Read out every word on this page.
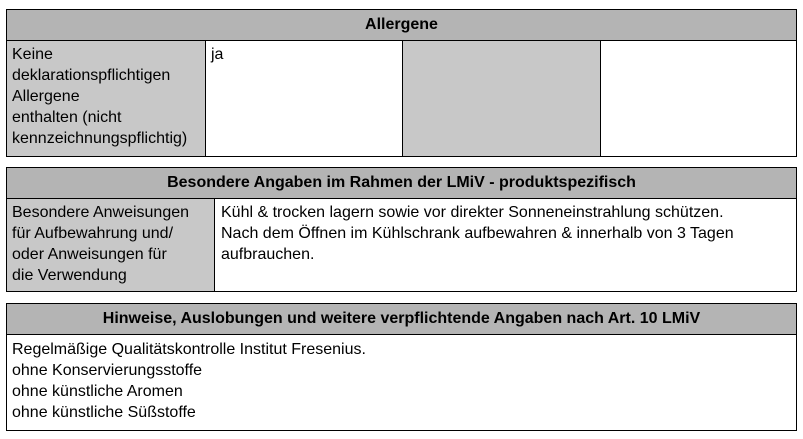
Allergene
Keine
deklarationspflichtigen
Allergene
enthalten (nicht
kennzeichnungspflichtig)
ja
Besondere Angaben im Rahmen der LMiV - produktspezifisch
Besondere Anweisungen
für Aufbewahrung und/
oder Anweisungen für
die Verwendung
Kühl & trocken lagern sowie vor direkter Sonneneinstrahlung schützen.
Nach dem Öffnen im Kühlschrank aufbewahren & innerhalb von 3 Tagen
aufbrauchen.
Hinweise, Auslobungen und weitere verpflichtende Angaben nach Art. 10 LMiV
Regelmäßige Qualitätskontrolle Institut Fresenius.
ohne Konservierungsstoffe
ohne künstliche Aromen
ohne künstliche Süßstoffe
